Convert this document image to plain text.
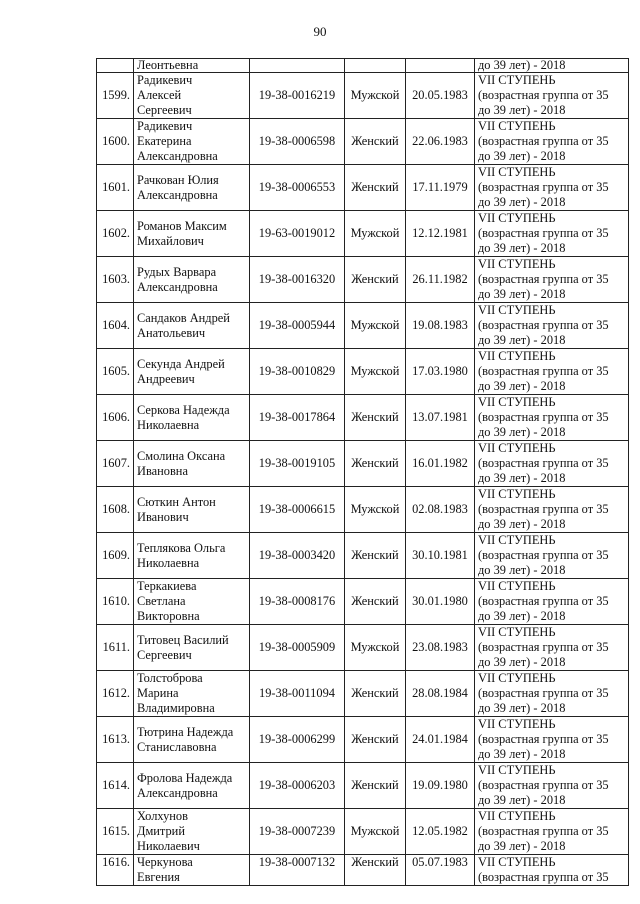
90
	Леонтьевна				до 39 лет) - 2018
1599.	Радикевич
Алексей
Сергеевич	19-38-0016219	Мужской	20.05.1983	VII СТУПЕНЬ
(возрастная группа от 35
до 39 лет) - 2018

1600.	Радикевич
Екатерина
Александровна	19-38-0006598	Женский	22.06.1983	VII СТУПЕНЬ
(возрастная группа от 35
до 39 лет) - 2018

1601.	Рачкован Юлия
Александровна	19-38-0006553	Женский	17.11.1979	VII СТУПЕНЬ
(возрастная группа от 35
до 39 лет) - 2018

1602.	Романов Максим
Михайлович	19-63-0019012	Мужской	12.12.1981	VII СТУПЕНЬ
(возрастная группа от 35
до 39 лет) - 2018

1603.	Рудых Варвара
Александровна	19-38-0016320	Женский	26.11.1982	VII СТУПЕНЬ
(возрастная группа от 35
до 39 лет) - 2018

1604.	Сандаков Андрей
Анатольевич	19-38-0005944	Мужской	19.08.1983	VII СТУПЕНЬ
(возрастная группа от 35
до 39 лет) - 2018

1605.	Секунда Андрей
Андреевич	19-38-0010829	Мужской	17.03.1980	VII СТУПЕНЬ
(возрастная группа от 35
до 39 лет) - 2018

1606.	Серкова Надежда
Николаевна	19-38-0017864	Женский	13.07.1981	VII СТУПЕНЬ
(возрастная группа от 35
до 39 лет) - 2018

1607.	Смолина Оксана
Ивановна	19-38-0019105	Женский	16.01.1982	VII СТУПЕНЬ
(возрастная группа от 35
до 39 лет) - 2018

1608.	Сюткин Антон
Иванович	19-38-0006615	Мужской	02.08.1983	VII СТУПЕНЬ
(возрастная группа от 35
до 39 лет) - 2018

1609.	Теплякова Ольга
Николаевна	19-38-0003420	Женский	30.10.1981	VII СТУПЕНЬ
(возрастная группа от 35
до 39 лет) - 2018

1610.	Теркакиева
Светлана
Викторовна	19-38-0008176	Женский	30.01.1980	VII СТУПЕНЬ
(возрастная группа от 35
до 39 лет) - 2018

1611.	Титовец Василий
Сергеевич	19-38-0005909	Мужской	23.08.1983	VII СТУПЕНЬ
(возрастная группа от 35
до 39 лет) - 2018

1612.	Толстоброва
Марина
Владимировна	19-38-0011094	Женский	28.08.1984	VII СТУПЕНЬ
(возрастная группа от 35
до 39 лет) - 2018

1613.	Тютрина Надежда
Станиславовна	19-38-0006299	Женский	24.01.1984	VII СТУПЕНЬ
(возрастная группа от 35
до 39 лет) - 2018

1614.	Фролова Надежда
Александровна	19-38-0006203	Женский	19.09.1980	VII СТУПЕНЬ
(возрастная группа от 35
до 39 лет) - 2018

1615.	Холхунов
Дмитрий
Николаевич	19-38-0007239	Мужской	12.05.1982	VII СТУПЕНЬ
(возрастная группа от 35
до 39 лет) - 2018

1616.	Черкунова
Евгения	19-38-0007132	Женский	05.07.1983	VII СТУПЕНЬ
(возрастная группа от 35
